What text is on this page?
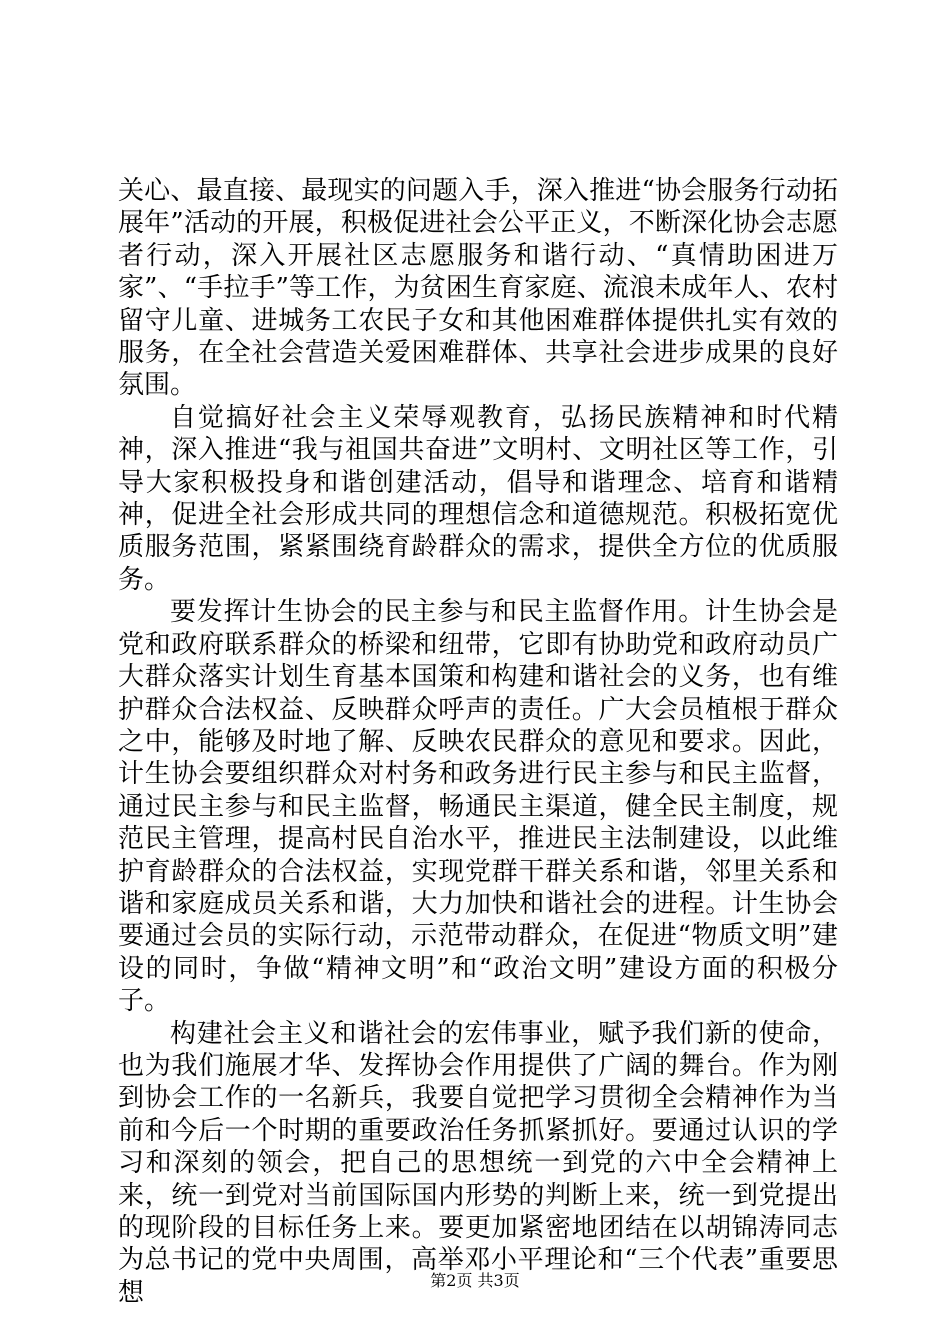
关心、最直接、最现实的问题入手，深入推进“协会服务行动拓展年”活动的开展，积极促进社会公平正义，不断深化协会志愿者行动，深入开展社区志愿服务和谐行动、“真情助困进万家”、“手拉手”等工作，为贫困生育家庭、流浪未成年人、农村留守儿童、进城务工农民子女和其他困难群体提供扎实有效的服务，在全社会营造关爱困难群体、共享社会进步成果的良好氛围。

自觉搞好社会主义荣辱观教育，弘扬民族精神和时代精神，深入推进“我与祖国共奋进”文明村、文明社区等工作，引导大家积极投身和谐创建活动，倡导和谐理念、培育和谐精神，促进全社会形成共同的理想信念和道德规范。积极拓宽优质服务范围，紧紧围绕育龄群众的需求，提供全方位的优质服务。

要发挥计生协会的民主参与和民主监督作用。计生协会是党和政府联系群众的桥梁和纽带，它即有协助党和政府动员广大群众落实计划生育基本国策和构建和谐社会的义务，也有维护群众合法权益、反映群众呼声的责任。广大会员植根于群众之中，能够及时地了解、反映农民群众的意见和要求。因此，计生协会要组织群众对村务和政务进行民主参与和民主监督，通过民主参与和民主监督，畅通民主渠道，健全民主制度，规范民主管理，提高村民自治水平，推进民主法制建设，以此维护育龄群众的合法权益，实现党群干群关系和谐，邻里关系和谐和家庭成员关系和谐，大力加快和谐社会的进程。计生协会要通过会员的实际行动，示范带动群众，在促进“物质文明”建设的同时，争做“精神文明”和“政治文明”建设方面的积极分子。

构建社会主义和谐社会的宏伟事业，赋予我们新的使命，也为我们施展才华、发挥协会作用提供了广阔的舞台。作为刚到协会工作的一名新兵，我要自觉把学习贯彻全会精神作为当前和今后一个时期的重要政治任务抓紧抓好。要通过认识的学习和深刻的领会，把自己的思想统一到党的六中全会精神上来，统一到党对当前国际国内形势的判断上来，统一到党提出的现阶段的目标任务上来。要更加紧密地团结在以胡锦涛同志为总书记的党中央周围，高举邓小平理论和“三个代表”重要思想	第2页 共3页
